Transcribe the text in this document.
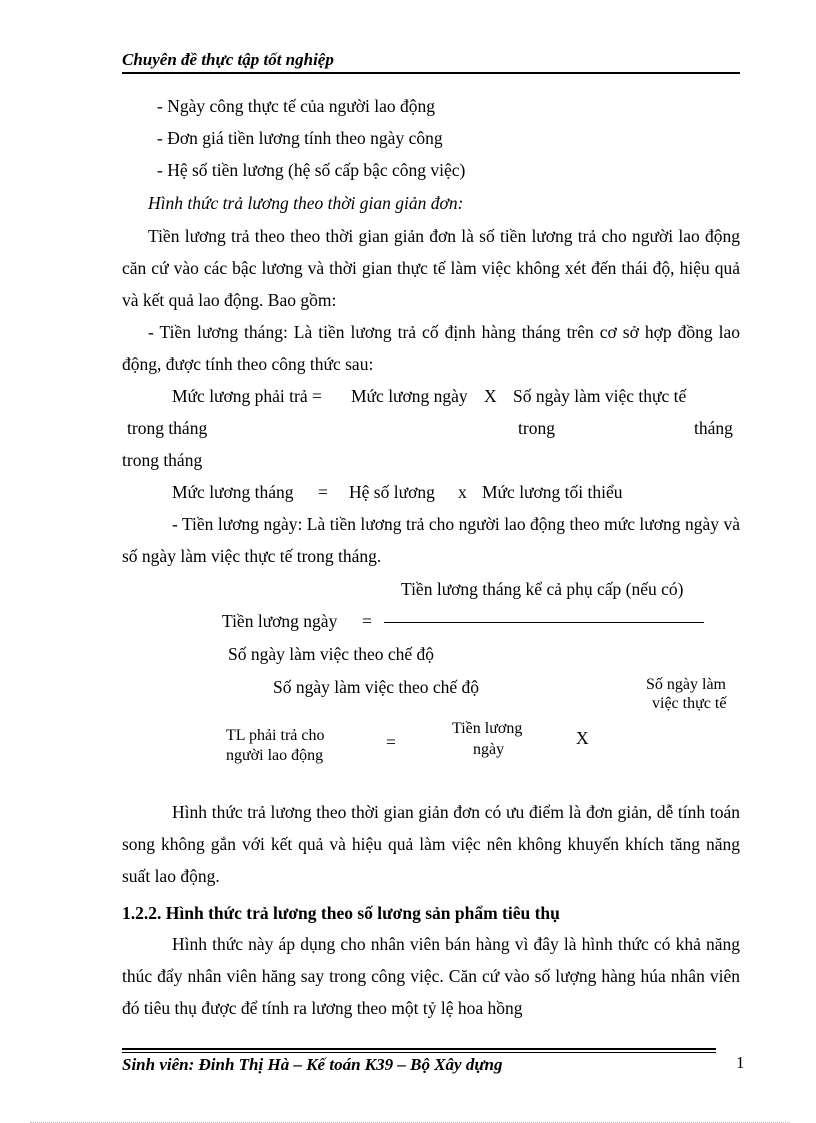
Chuyên đề thực tập tốt nghiệp
- Ngày công thực tế của người lao động
- Đơn giá tiền lương tính theo ngày công
- Hệ số tiền lương (hệ số cấp bậc công việc)
Hình thức trả lương theo thời gian giản đơn:
Tiền lương trả theo theo thời gian giản đơn là số tiền lương trả cho người lao động căn cứ vào các bậc lương và thời gian thực tế làm việc không xét đến thái độ, hiệu quả và kết quả lao động. Bao gồm:
- Tiền lương tháng: Là tiền lương trả cố định hàng tháng trên cơ sở hợp đồng lao động, được tính theo công thức sau:
Mức lương phải trả = Mức lương ngày X Số ngày làm việc thực tế
trong tháng	trong	tháng
trong tháng
Mức lương tháng = Hệ số lương x Mức lương tối thiểu
- Tiền lương ngày: Là tiền lương trả cho người lao động theo mức lương ngày và số ngày làm việc thực tế trong tháng.
Tiền lương tháng kể cả phụ cấp (nếu có)
Tiền lương ngày =
Số ngày làm việc theo chế độ
Số ngày làm việc theo chế độ	Số ngày làm
việc thực tế
TL phải trả cho
người lao động
=
Tiền lương
ngày
X
Hình thức trả lương theo thời gian giản đơn có ưu điểm là đơn giản, dễ tính toán song không gắn với kết quả và hiệu quả làm việc nên không khuyến khích tăng năng suất lao động.
1.2.2. Hình thức trả lương theo số lương sản phẩm tiêu thụ
Hình thức này áp dụng cho nhân viên bán hàng vì đây là hình thức có khả năng thúc đẩy nhân viên hăng say trong công việc. Căn cứ vào số lượng hàng húa nhân viên đó tiêu thụ được để tính ra lương theo một tỷ lệ hoa hồng
Sinh viên: Đinh Thị Hà – Kế toán K39 – Bộ Xây dựng	1
